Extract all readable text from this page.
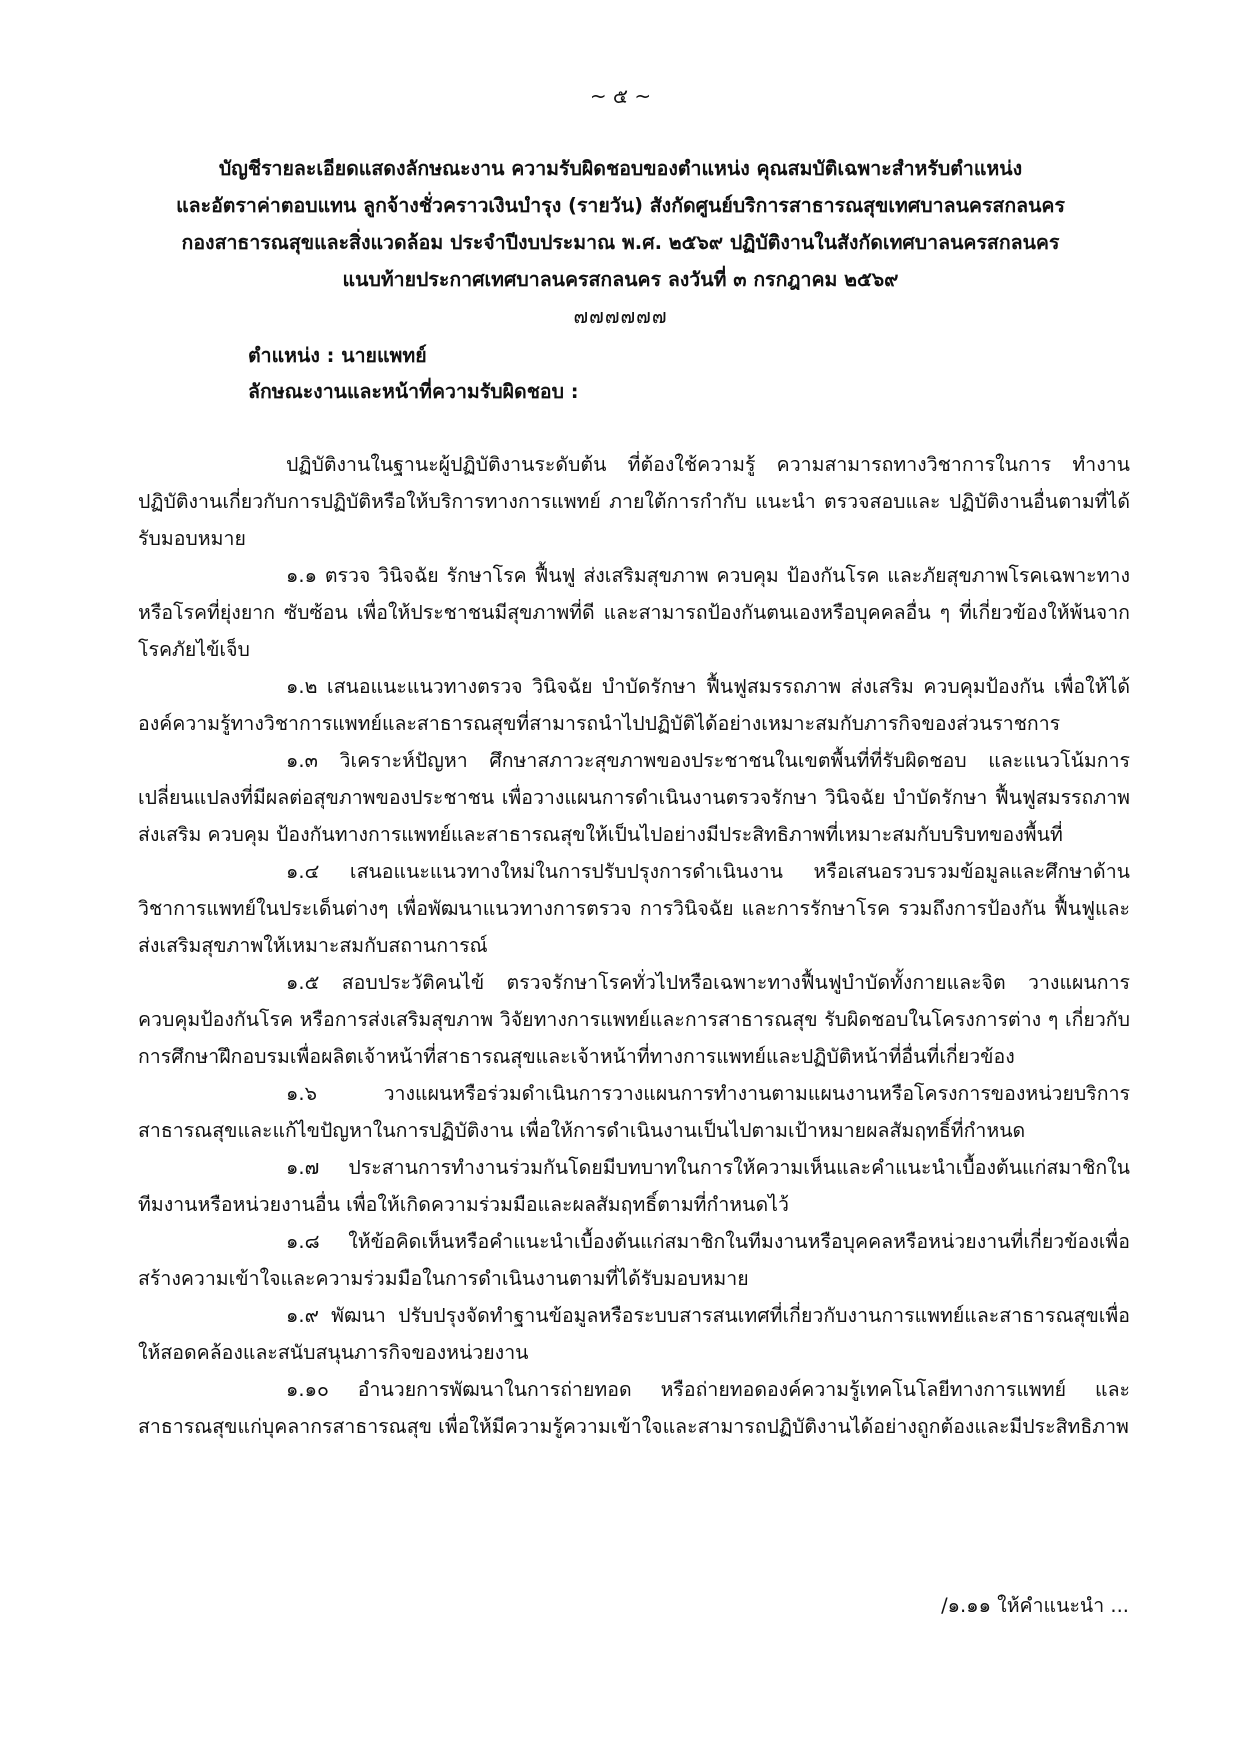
~ ๕ ~
บัญชีรายละเอียดแสดงลักษณะงาน ความรับผิดชอบของตำแหน่ง คุณสมบัติเฉพาะสำหรับตำแหน่ง
และอัตราค่าตอบแทน ลูกจ้างชั่วคราวเงินบำรุง (รายวัน) สังกัดศูนย์บริการสาธารณสุขเทศบาลนครสกลนคร
กองสาธารณสุขและสิ่งแวดล้อม ประจำปีงบประมาณ พ.ศ. ๒๕๖๙ ปฏิบัติงานในสังกัดเทศบาลนครสกลนคร
แนบท้ายประกาศเทศบาลนครสกลนคร ลงวันที่ ๓ กรกฎาคม ๒๕๖๙
๗๗๗๗๗๗
ตำแหน่ง : นายแพทย์
ลักษณะงานและหน้าที่ความรับผิดชอบ :

ปฏิบัติงานในฐานะผู้ปฏิบัติงานระดับต้น ที่ต้องใช้ความรู้ ความสามารถทางวิชาการในการ ทำงานปฏิบัติงานเกี่ยวกับการปฏิบัติหรือให้บริการทางการแพทย์ ภายใต้การกำกับ แนะนำ ตรวจสอบและ ปฏิบัติงานอื่นตามที่ได้รับมอบหมาย

๑.๑ ตรวจ วินิจฉัย รักษาโรค ฟื้นฟู ส่งเสริมสุขภาพ ควบคุม ป้องกันโรค และภัยสุขภาพโรคเฉพาะทางหรือโรคที่ยุ่งยาก ซับซ้อน เพื่อให้ประชาชนมีสุขภาพที่ดี และสามารถป้องกันตนเองหรือบุคคลอื่น ๆ ที่เกี่ยวข้องให้พ้นจากโรคภัยไข้เจ็บ

๑.๒ เสนอแนะแนวทางตรวจ วินิจฉัย บำบัดรักษา ฟื้นฟูสมรรถภาพ ส่งเสริม ควบคุมป้องกัน เพื่อให้ได้องค์ความรู้ทางวิชาการแพทย์และสาธารณสุขที่สามารถนำไปปฏิบัติได้อย่างเหมาะสมกับภารกิจของส่วนราชการ

๑.๓ วิเคราะห์ปัญหา ศึกษาสภาวะสุขภาพของประชาชนในเขตพื้นที่ที่รับผิดชอบ และแนวโน้มการเปลี่ยนแปลงที่มีผลต่อสุขภาพของประชาชน เพื่อวางแผนการดำเนินงานตรวจรักษา วินิจฉัย บำบัดรักษา ฟื้นฟูสมรรถภาพ ส่งเสริม ควบคุม ป้องกันทางการแพทย์และสาธารณสุขให้เป็นไปอย่างมีประสิทธิภาพที่เหมาะสมกับบริบทของพื้นที่

๑.๔ เสนอแนะแนวทางใหม่ในการปรับปรุงการดำเนินงาน หรือเสนอรวบรวมข้อมูลและศึกษาด้านวิชาการแพทย์ในประเด็นต่างๆ เพื่อพัฒนาแนวทางการตรวจ การวินิจฉัย และการรักษาโรค รวมถึงการป้องกัน ฟื้นฟูและส่งเสริมสุขภาพให้เหมาะสมกับสถานการณ์

๑.๕ สอบประวัติคนไข้ ตรวจรักษาโรคทั่วไปหรือเฉพาะทางฟื้นฟูบำบัดทั้งกายและจิต วางแผนการควบคุมป้องกันโรค หรือการส่งเสริมสุขภาพ วิจัยทางการแพทย์และการสาธารณสุข รับผิดชอบในโครงการต่าง ๆ เกี่ยวกับการศึกษาฝึกอบรมเพื่อผลิตเจ้าหน้าที่สาธารณสุขและเจ้าหน้าที่ทางการแพทย์และปฏิบัติหน้าที่อื่นที่เกี่ยวข้อง

๑.๖ วางแผนหรือร่วมดำเนินการวางแผนการทำงานตามแผนงานหรือโครงการของหน่วยบริการสาธารณสุขและแก้ไขปัญหาในการปฏิบัติงาน เพื่อให้การดำเนินงานเป็นไปตามเป้าหมายผลสัมฤทธิ์ที่กำหนด

๑.๗ ประสานการทำงานร่วมกันโดยมีบทบาทในการให้ความเห็นและคำแนะนำเบื้องต้นแก่สมาชิกในทีมงานหรือหน่วยงานอื่น เพื่อให้เกิดความร่วมมือและผลสัมฤทธิ์ตามที่กำหนดไว้

๑.๘ ให้ข้อคิดเห็นหรือคำแนะนำเบื้องต้นแก่สมาชิกในทีมงานหรือบุคคลหรือหน่วยงานที่เกี่ยวข้องเพื่อสร้างความเข้าใจและความร่วมมือในการดำเนินงานตามที่ได้รับมอบหมาย

๑.๙ พัฒนา ปรับปรุงจัดทำฐานข้อมูลหรือระบบสารสนเทศที่เกี่ยวกับงานการแพทย์และสาธารณสุขเพื่อให้สอดคล้องและสนับสนุนภารกิจของหน่วยงาน

๑.๑๐ อำนวยการพัฒนาในการถ่ายทอด หรือถ่ายทอดองค์ความรู้เทคโนโลยีทางการแพทย์ และสาธารณสุขแก่บุคลากรสาธารณสุข เพื่อให้มีความรู้ความเข้าใจและสามารถปฏิบัติงานได้อย่างถูกต้องและมีประสิทธิภาพ

/๑.๑๑ ให้คำแนะนำ ...
